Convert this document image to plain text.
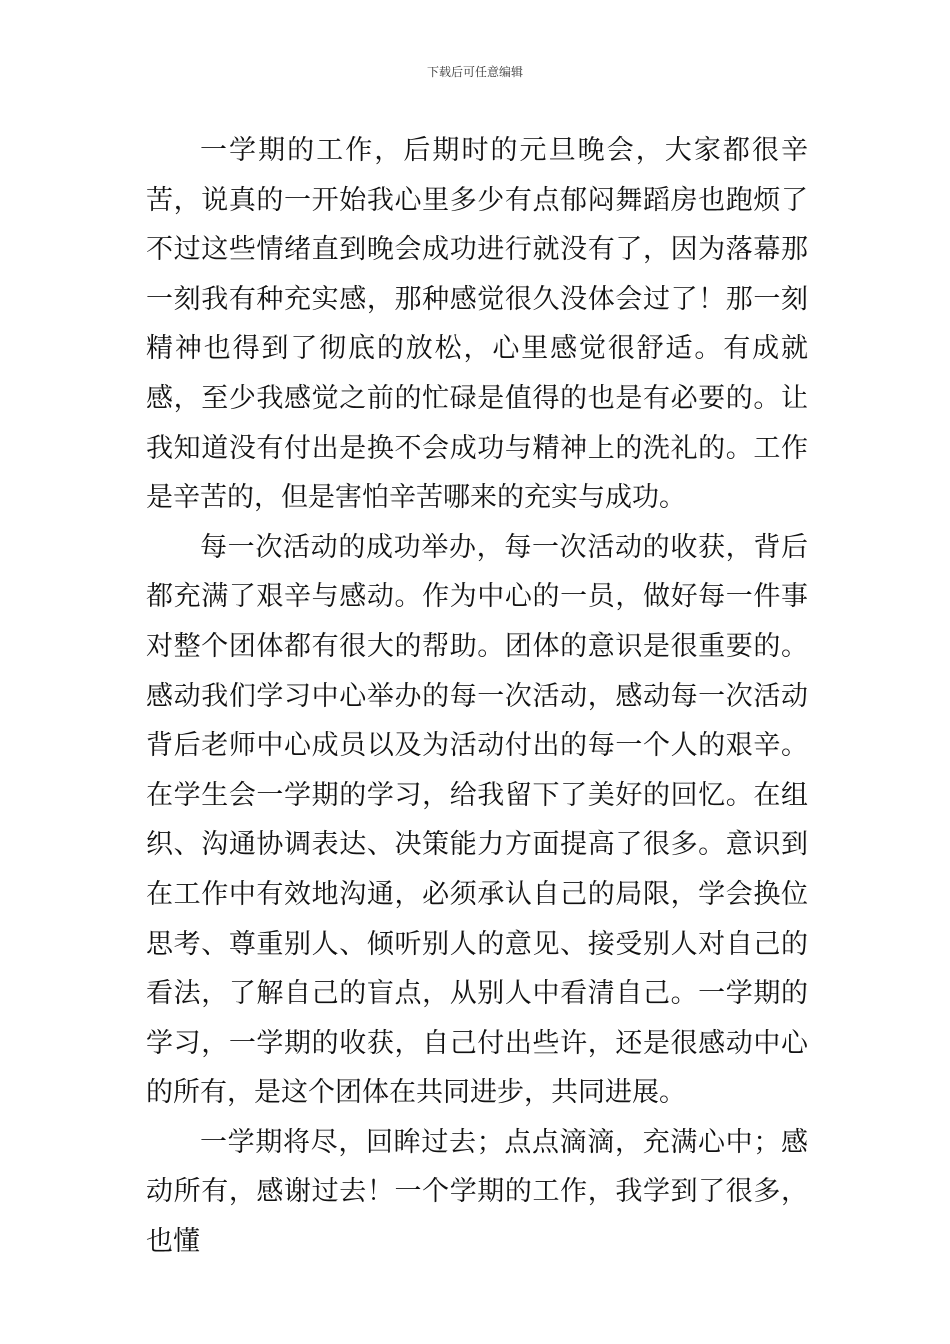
下载后可任意编辑

一学期的工作，后期时的元旦晚会，大家都很辛苦，说真的一开始我心里多少有点郁闷舞蹈房也跑烦了不过这些情绪直到晚会成功进行就没有了，因为落幕那一刻我有种充实感，那种感觉很久没体会过了！那一刻精神也得到了彻底的放松，心里感觉很舒适。有成就感，至少我感觉之前的忙碌是值得的也是有必要的。让我知道没有付出是换不会成功与精神上的洗礼的。工作是辛苦的，但是害怕辛苦哪来的充实与成功。

每一次活动的成功举办，每一次活动的收获，背后都充满了艰辛与感动。作为中心的一员，做好每一件事对整个团体都有很大的帮助。团体的意识是很重要的。感动我们学习中心举办的每一次活动，感动每一次活动背后老师中心成员以及为活动付出的每一个人的艰辛。在学生会一学期的学习，给我留下了美好的回忆。在组织、沟通协调表达、决策能力方面提高了很多。意识到在工作中有效地沟通，必须承认自己的局限，学会换位思考、尊重别人、倾听别人的意见、接受别人对自己的看法，了解自己的盲点，从别人中看清自己。一学期的学习，一学期的收获，自己付出些许，还是很感动中心的所有，是这个团体在共同进步，共同进展。

一学期将尽，回眸过去；点点滴滴，充满心中；感动所有，感谢过去！一个学期的工作，我学到了很多，也懂
